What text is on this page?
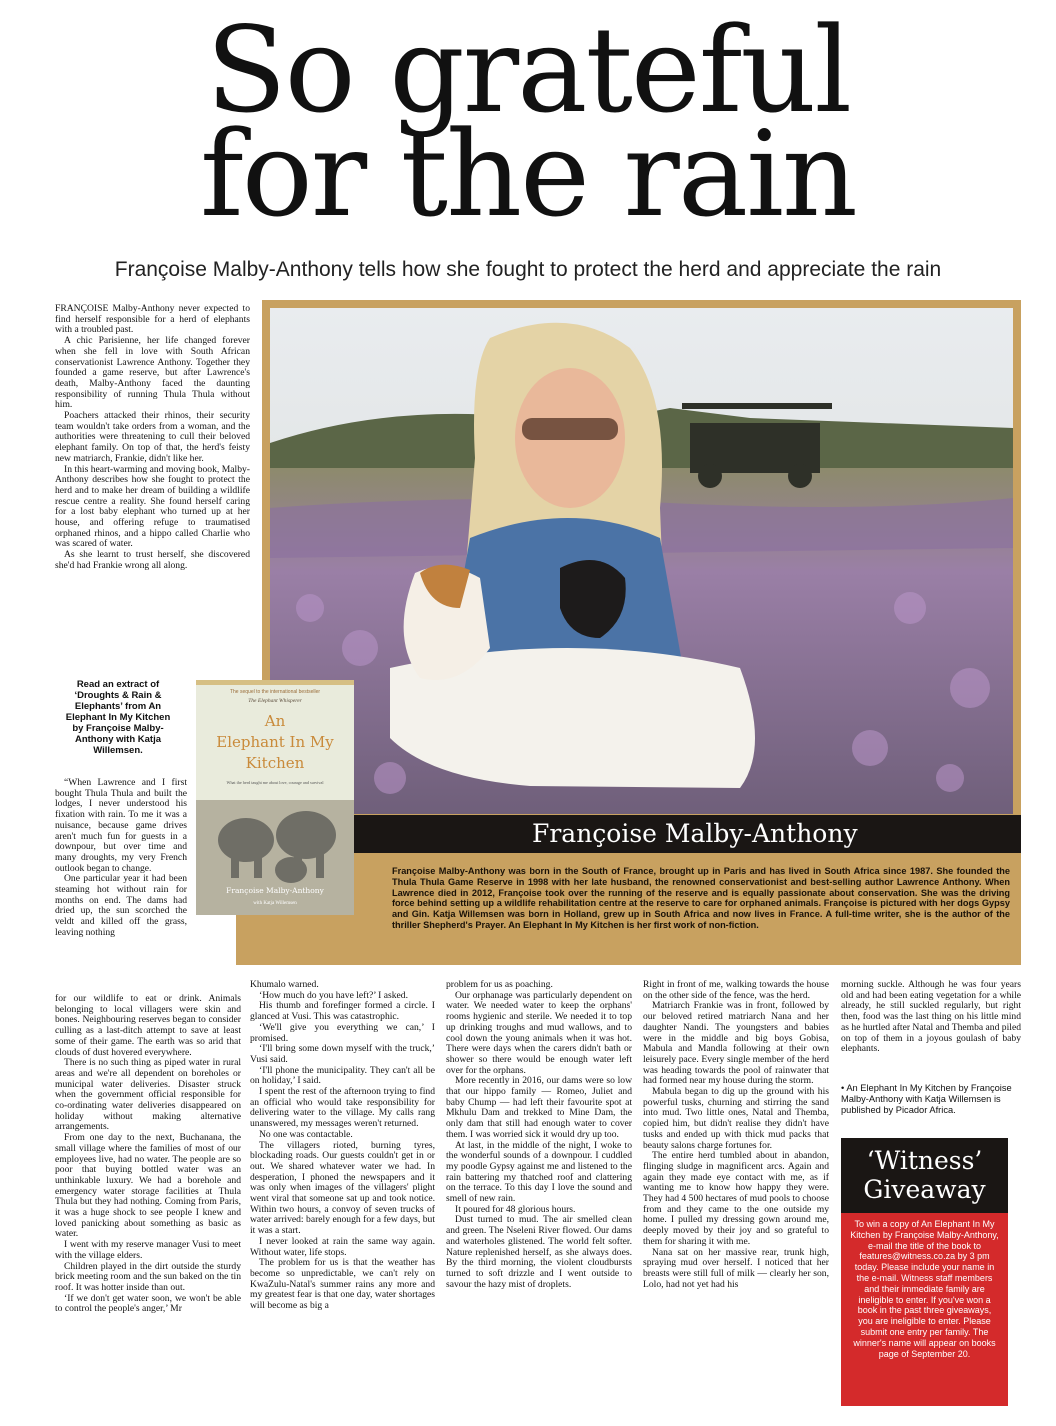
So grateful
for the rain

Françoise Malby-Anthony tells how she fought to protect the herd and appreciate the rain

FRANÇOISE Malby-Anthony never expected to find herself responsible for a herd of elephants with a troubled past.

A chic Parisienne, her life changed forever when she fell in love with South African conservationist Lawrence Anthony. Together they founded a game reserve, but after Lawrence's death, Malby-Anthony faced the daunting responsibility of running Thula Thula without him.

Poachers attacked their rhinos, their security team wouldn't take orders from a woman, and the authorities were threatening to cull their beloved elephant family. On top of that, the herd's feisty new matriarch, Frankie, didn't like her.

In this heart-warming and moving book, Malby-Anthony describes how she fought to protect the herd and to make her dream of building a wildlife rescue centre a reality. She found herself caring for a lost baby elephant who turned up at her house, and offering refuge to traumatised orphaned rhinos, and a hippo called Charlie who was scared of water.

As she learnt to trust herself, she discovered she'd had Frankie wrong all along.

Françoise Malby-Anthony
Françoise Malby-Anthony was born in the South of France, brought up in Paris and has lived in South Africa since 1987. She founded the Thula Thula Game Reserve in 1998 with her late husband, the renowned conservationist and best-selling author Lawrence Anthony. When Lawrence died in 2012, Françoise took over the running of the reserve and is equally passionate about conservation. She was the driving force behind setting up a wildlife rehabilitation centre at the reserve to care for orphaned animals. Françoise is pictured with her dogs Gypsy and Gin. Katja Willemsen was born in Holland, grew up in South Africa and now lives in France. A full-time writer, she is the author of the thriller Shepherd's Prayer. An Elephant In My Kitchen is her first work of non-fiction.
Read an extract of
‘Droughts & Rain &
Elephants’ from An
Elephant In My Kitchen
by Françoise Malby-
Anthony with Katja
Willemsen.
The sequel to the international bestseller
The Elephant Whisperer
An
Elephant In My
Kitchen
What the herd taught me about love, courage and survival
Françoise Malby-Anthony
with Katja Willemsen

“When Lawrence and I first bought Thula Thula and built the lodges, I never understood his fixation with rain. To me it was a nuisance, because game drives aren't much fun for guests in a downpour, but over time and many droughts, my very French outlook began to change.

One particular year it had been steaming hot without rain for months on end. The dams had dried up, the sun scorched the veldt and killed off the grass, leaving nothing

for our wildlife to eat or drink. Animals belonging to local villagers were skin and bones. Neighbouring reserves began to consider culling as a last-ditch attempt to save at least some of their game. The earth was so arid that clouds of dust hovered everywhere.

There is no such thing as piped water in rural areas and we're all dependent on boreholes or municipal water deliveries. Disaster struck when the government official responsible for co-ordinating water deliveries disappeared on holiday without making alternative arrangements.

From one day to the next, Buchanana, the small village where the families of most of our employees live, had no water. The people are so poor that buying bottled water was an unthinkable luxury. We had a borehole and emergency water storage facilities at Thula Thula but they had nothing. Coming from Paris, it was a huge shock to see people I knew and loved panicking about something as basic as water.

I went with my reserve manager Vusi to meet with the village elders.

Children played in the dirt outside the sturdy brick meeting room and the sun baked on the tin roof. It was hotter inside than out.

‘If we don't get water soon, we won't be able to control the people's anger,’ Mr

Khumalo warned.

‘How much do you have left?’ I asked.

His thumb and forefinger formed a circle. I glanced at Vusi. This was catastrophic.

‘We'll give you everything we can,’ I promised.

‘I'll bring some down myself with the truck,’ Vusi said.

‘I'll phone the municipality. They can't all be on holiday,’ I said.

I spent the rest of the afternoon trying to find an official who would take responsibility for delivering water to the village. My calls rang unanswered, my messages weren't returned.

No one was contactable.

The villagers rioted, burning tyres, blockading roads. Our guests couldn't get in or out. We shared whatever water we had. In desperation, I phoned the newspapers and it was only when images of the villagers' plight went viral that someone sat up and took notice. Within two hours, a convoy of seven trucks of water arrived: barely enough for a few days, but it was a start.

I never looked at rain the same way again. Without water, life stops.

The problem for us is that the weather has become so unpredictable, we can't rely on KwaZulu-Natal's summer rains any more and my greatest fear is that one day, water shortages will become as big a

problem for us as poaching.

Our orphanage was particularly dependent on water. We needed water to keep the orphans' rooms hygienic and sterile. We needed it to top up drinking troughs and mud wallows, and to cool down the young animals when it was hot. There were days when the carers didn't bath or shower so there would be enough water left over for the orphans.

More recently in 2016, our dams were so low that our hippo family — Romeo, Juliet and baby Chump — had left their favourite spot at Mkhulu Dam and trekked to Mine Dam, the only dam that still had enough water to cover them. I was worried sick it would dry up too.

At last, in the middle of the night, I woke to the wonderful sounds of a downpour. I cuddled my poodle Gypsy against me and listened to the rain battering my thatched roof and clattering on the terrace. To this day I love the sound and smell of new rain.

It poured for 48 glorious hours.

Dust turned to mud. The air smelled clean and green. The Nseleni River flowed. Our dams and waterholes glistened. The world felt softer. Nature replenished herself, as she always does. By the third morning, the violent cloudbursts turned to soft drizzle and I went outside to savour the hazy mist of droplets.

Right in front of me, walking towards the house on the other side of the fence, was the herd.

Matriarch Frankie was in front, followed by our beloved retired matriarch Nana and her daughter Nandi. The youngsters and babies were in the middle and big boys Gobisa, Mabula and Mandla following at their own leisurely pace. Every single member of the herd was heading towards the pool of rainwater that had formed near my house during the storm.

Mabula began to dig up the ground with his powerful tusks, churning and stirring the sand into mud. Two little ones, Natal and Themba, copied him, but didn't realise they didn't have tusks and ended up with thick mud packs that beauty salons charge fortunes for.

The entire herd tumbled about in abandon, flinging sludge in magnificent arcs. Again and again they made eye contact with me, as if wanting me to know how happy they were. They had 4 500 hectares of mud pools to choose from and they came to the one outside my home. I pulled my dressing gown around me, deeply moved by their joy and so grateful to them for sharing it with me.

Nana sat on her massive rear, trunk high, spraying mud over herself. I noticed that her breasts were still full of milk — clearly her son, Lolo, had not yet had his

morning suckle. Although he was four years old and had been eating vegetation for a while already, he still suckled regularly, but right then, food was the last thing on his little mind as he hurtled after Natal and Themba and piled on top of them in a joyous goulash of baby elephants.

• An Elephant In My Kitchen by Françoise Malby-Anthony with Katja Willemsen is published by Picador Africa.
‘Witness’
Giveaway
To win a copy of An Elephant In My Kitchen by Françoise Malby-Anthony, e-mail the title of the book to features@witness.co.za by 3 pm today. Please include your name in the e-mail. Witness staff members and their immediate family are ineligible to enter. If you've won a book in the past three giveaways, you are ineligible to enter. Please submit one entry per family. The winner's name will appear on books page of September 20.
